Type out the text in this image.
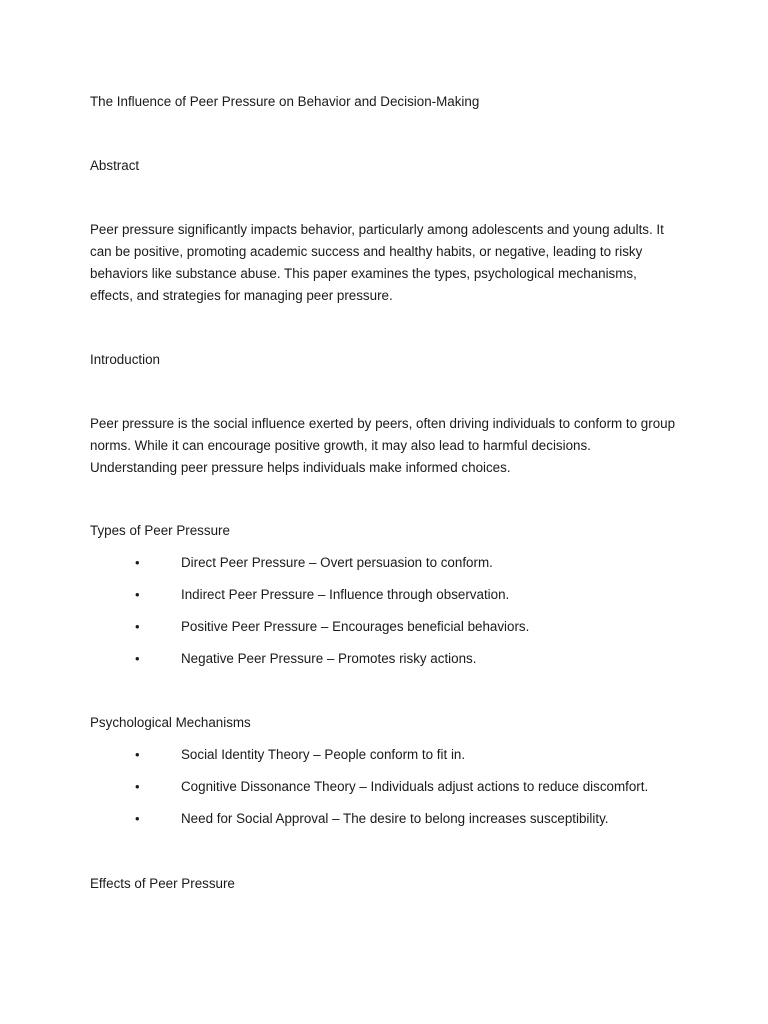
The Influence of Peer Pressure on Behavior and Decision-Making

Abstract

Peer pressure significantly impacts behavior, particularly among adolescents and young adults. It can be positive, promoting academic success and healthy habits, or negative, leading to risky behaviors like substance abuse. This paper examines the types, psychological mechanisms, effects, and strategies for managing peer pressure.

Introduction

Peer pressure is the social influence exerted by peers, often driving individuals to conform to group norms. While it can encourage positive growth, it may also lead to harmful decisions. Understanding peer pressure helps individuals make informed choices.

Types of Peer Pressure

•	Direct Peer Pressure – Overt persuasion to conform.
•	Indirect Peer Pressure – Influence through observation.
•	Positive Peer Pressure – Encourages beneficial behaviors.
•	Negative Peer Pressure – Promotes risky actions.

Psychological Mechanisms

•	Social Identity Theory – People conform to fit in.
•	Cognitive Dissonance Theory – Individuals adjust actions to reduce discomfort.
•	Need for Social Approval – The desire to belong increases susceptibility.

Effects of Peer Pressure
